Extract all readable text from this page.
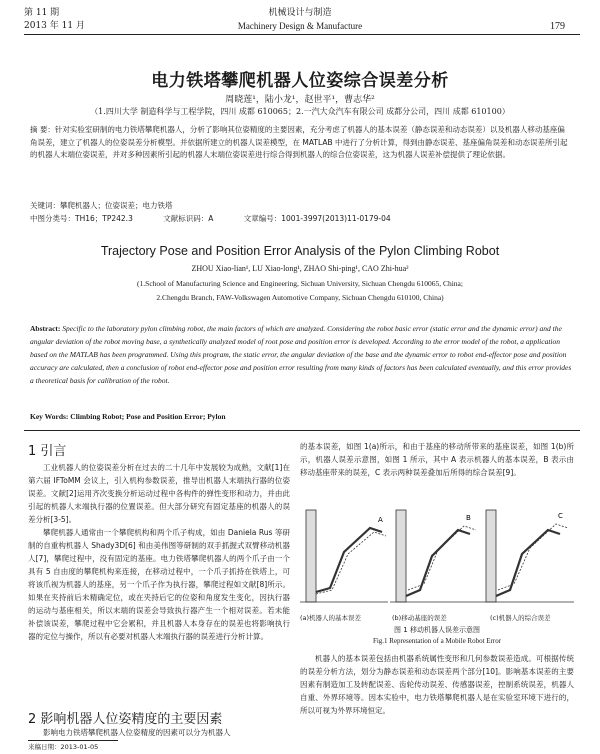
第 11 期	机械设计与制造
2013 年 11 月	Machinery Design & Manufacture	179
电力铁塔攀爬机器人位姿综合误差分析
周晓莲¹，陆小龙¹，赵世平¹，曹志华²
（1.四川大学 制造科学与工程学院，四川 成都 610065；2.一汽大众汽车有限公司 成都分公司，四川 成都 610100）
摘 要：针对实验室研制的电力铁塔攀爬机器人，分析了影响其位姿精度的主要因素，充分考虑了机器人的基本误差（静态误差和动态误差）以及机器人移动基座偏角误差，建立了机器人的位姿误差分析模型。并依据所建立的机器人误差模型，在 MATLAB 中进行了分析计算，得到由静态误差、基座偏角误差和动态误差所引起的机器人末端位姿误差，并对多种因素所引起的机器人末端位姿误差进行综合得到机器人的综合位姿误差，这为机器人误差补偿提供了理论依据。
关键词：攀爬机器人；位姿误差；电力铁塔
中图分类号：TH16；TP242.3	文献标识码：A	文章编号：1001-3997(2013)11-0179-04
Trajectory Pose and Position Error Analysis of the Pylon Climbing Robot
ZHOU Xiao-lian¹, LU Xiao-long¹, ZHAO Shi-ping¹, CAO Zhi-hua²
(1.School of Manufacturing Science and Engineering, Sichuan University, Sichuan Chengdu 610065, China;
2.Chengdu Branch, FAW-Volkswagen Automotive Company, Sichuan Chengdu 610100, China)
Abstract: Specific to the laboratory pylon climbing robot, the main factors of which are analyzed. Considering the robot basic error (static error and the dynamic error) and the angular deviation of the robot moving base, a synthetically analyzed model of root pose and position error is developed. According to the error model of the robot, a application based on the MATLAB has been programmed. Using this program, the static error, the angular deviation of the base and the dynamic error to robot end-effector pose and position accuracy are calculated, then a conclusion of robot end-effector pose and position error resulting from many kinds of factors has been calculated eventually, and this error provides a theoretical basis for calibration of the robot.
Key Words: Climbing Robot; Pose and Position Error; Pylon
1 引言

工业机器人的位姿误差分析在过去的二十几年中发展较为成熟，文献[1]在第六届 IFToMM 会议上，引入机构参数误差，推导出机器人末端执行器的位姿误差。文献[2]运用齐次变换分析运动过程中各构件的弹性变形和动力，并由此引起的机器人末端执行器的位置误差。但大部分研究有固定基座的机器人的误差分析[3-5]。

攀爬机器人通常由一个攀爬机构和两个爪子构成，如由 Daniela Rus 等研制的自重构机器人 Shady3D[6] 和由美伟图等研制的双手抓握式双臂移动机器人[7]，攀爬过程中，没有固定的基座。电力铁塔攀爬机器人的两个爪子由一个具有 5 自由度的攀爬机构来连接，在移动过程中，一个爪子抓持在铁塔上，可将该爪视为机器人的基座，另一个爪子作为执行器，攀爬过程如文献[8]所示。如果在夹持前后未精确定位，或在夹持后它的位姿和角度发生变化，因执行器的运动与基座相关，所以末端的误差会导致执行器产生一个相对误差。若未能补偿该误差，攀爬过程中它会累积，并且机器人本身存在的误差也将影响执行器的定位与操作，所以有必要对机器人末端执行器的误差进行分析计算。

2 影响机器人位姿精度的主要因素

影响电力铁塔攀爬机器人位姿精度的因素可以分为机器人

来稿日期：2013-01-05

的基本误差，如图 1(a)所示，和由于基座的移动所带来的基座误差，如图 1(b)所示，机器人误差示意图，如图 1 所示，其中 A 表示机器人的基本误差，B 表示由移动基座带来的误差，C 表示两种误差叠加后所得的综合误差[9]。

A	B	C
(a)机器人的基本误差	(b)移动基座的误差	(c)机器人的综合误差
图 1 移动机器人误差示意图
Fig.1 Representation of a Mobile Robot Error

机器人的基本误差包括由机器系统属性变形和几何参数误差造成。可根据传统的误差分析方法，划分为静态误差和动态误差两个部分[10]。影响基本误差的主要因素有制造加工及转配误差、齿轮传动误差、传感器误差，控制系统误差，机器人自重、外界环境等。因本实验中，电力铁塔攀爬机器人是在实验室环境下进行的，所以可视为外界环境恒定。
